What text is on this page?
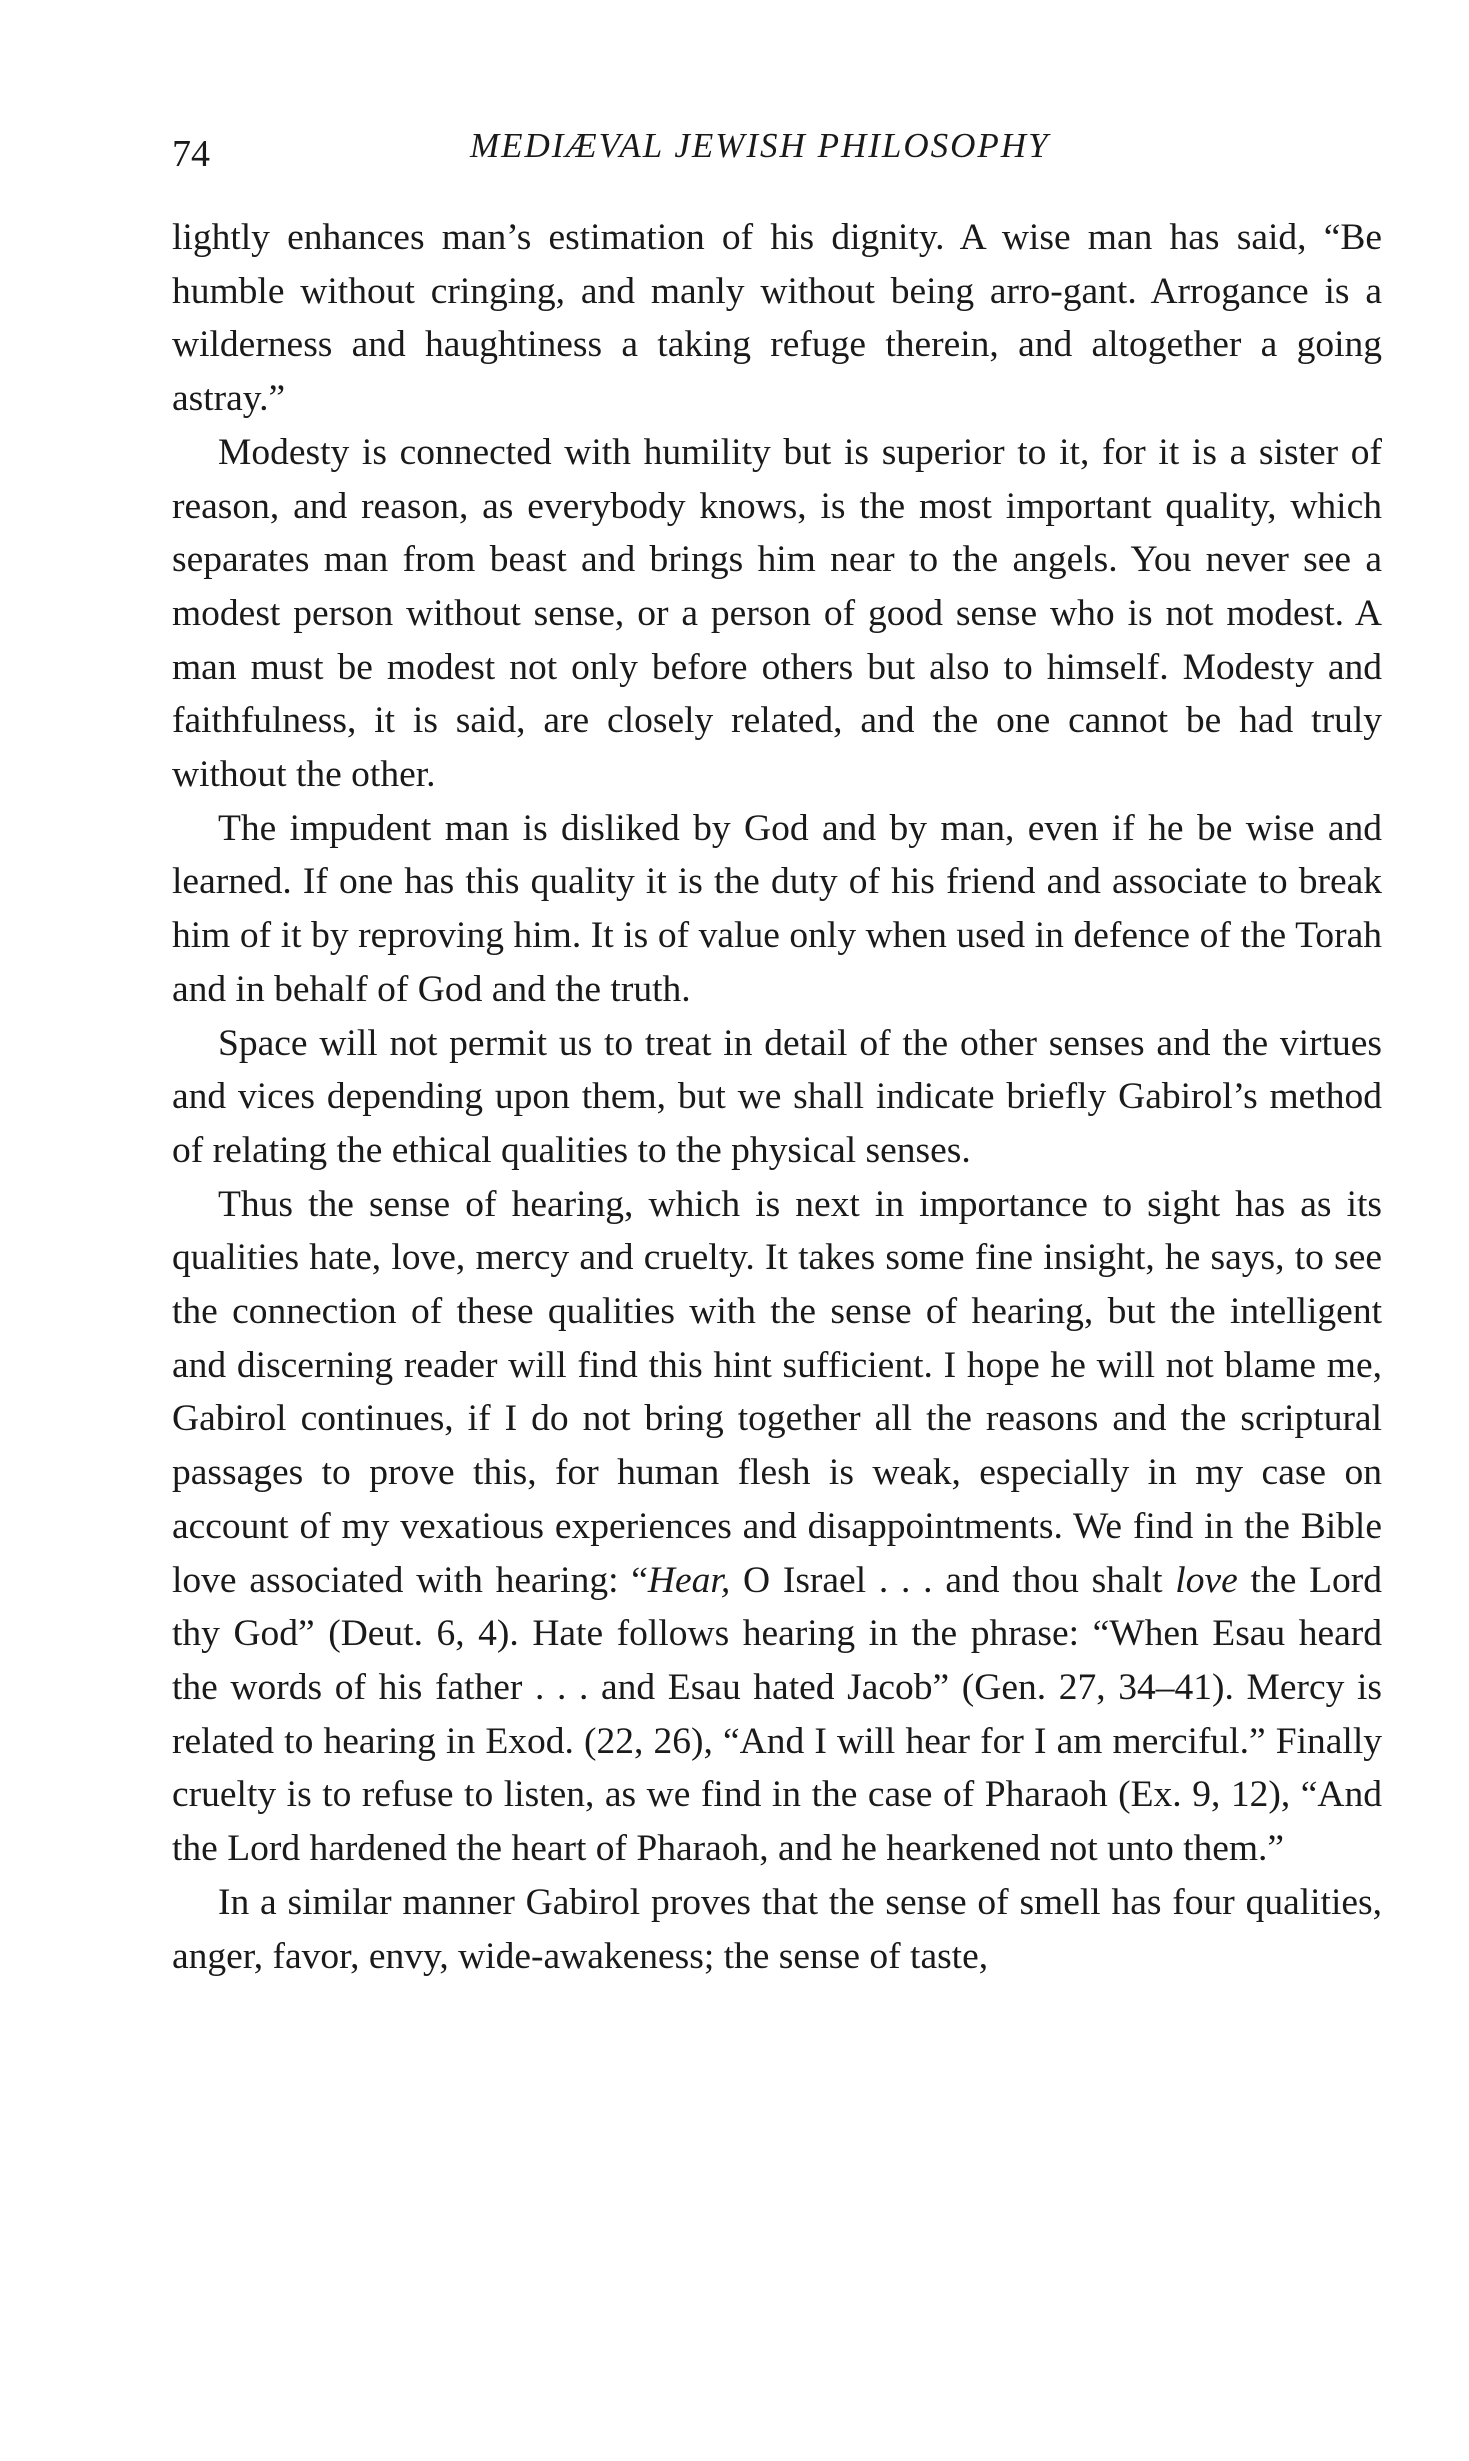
74	MEDIÆVAL JEWISH PHILOSOPHY

lightly enhances man’s estimation of his dignity. A wise man has said, “Be humble without cringing, and manly without being arro-gant. Arrogance is a wilderness and haughtiness a taking refuge therein, and altogether a going astray.”

Modesty is connected with humility but is superior to it, for it is a sister of reason, and reason, as everybody knows, is the most important quality, which separates man from beast and brings him near to the angels. You never see a modest person without sense, or a person of good sense who is not modest. A man must be modest not only before others but also to himself. Modesty and faithfulness, it is said, are closely related, and the one cannot be had truly without the other.

The impudent man is disliked by God and by man, even if he be wise and learned. If one has this quality it is the duty of his friend and associate to break him of it by reproving him. It is of value only when used in defence of the Torah and in behalf of God and the truth.

Space will not permit us to treat in detail of the other senses and the virtues and vices depending upon them, but we shall indicate briefly Gabirol’s method of relating the ethical qualities to the physical senses.

Thus the sense of hearing, which is next in importance to sight has as its qualities hate, love, mercy and cruelty. It takes some fine insight, he says, to see the connection of these qualities with the sense of hearing, but the intelligent and discerning reader will find this hint sufficient. I hope he will not blame me, Gabirol continues, if I do not bring together all the reasons and the scriptural passages to prove this, for human flesh is weak, especially in my case on account of my vexatious experiences and disappointments. We find in the Bible love associated with hearing: “Hear, O Israel . . . and thou shalt love the Lord thy God” (Deut. 6, 4). Hate follows hearing in the phrase: “When Esau heard the words of his father . . . and Esau hated Jacob” (Gen. 27, 34–41). Mercy is related to hearing in Exod. (22, 26), “And I will hear for I am merciful.” Finally cruelty is to refuse to listen, as we find in the case of Pharaoh (Ex. 9, 12), “And the Lord hardened the heart of Pharaoh, and he hearkened not unto them.”

In a similar manner Gabirol proves that the sense of smell has four qualities, anger, favor, envy, wide-awakeness; the sense of taste,
